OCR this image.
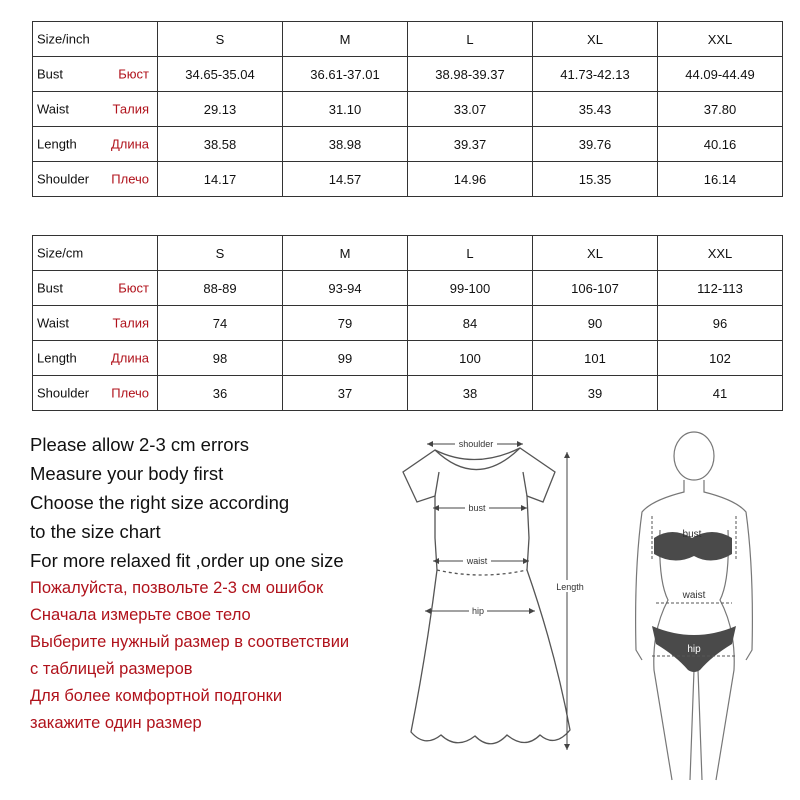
Size/inch	S	M	L	XL	XXL

Bust Бюст	34.65-35.04	36.61-37.01	38.98-39.37	41.73-42.13	44.09-44.49

Waist Талия	29.13	31.10	33.07	35.43	37.80

Length Длина	38.58	38.98	39.37	39.76	40.16

Shoulder Плечо	14.17	14.57	14.96	15.35	16.14
Size/cm	S	M	L	XL	XXL

Bust Бюст	88-89	93-94	99-100	106-107	112-113

Waist Талия	74	79	84	90	96

Length Длина	98	99	100	101	102

Shoulder Плечо	36	37	38	39	41
Please allow 2-3 cm errors
Measure your body first
Choose the right size according
to the size chart
For more relaxed fit ,order up one size
Пожалуйста, позвольте 2-3 см ошибок
Сначала измерьте свое тело
Выберите нужный размер в соответствии
с таблицей размеров
Для более комфортной подгонки
закажите один размер
shoulder
bust
waist
hip
Length
bust
waist
hip
